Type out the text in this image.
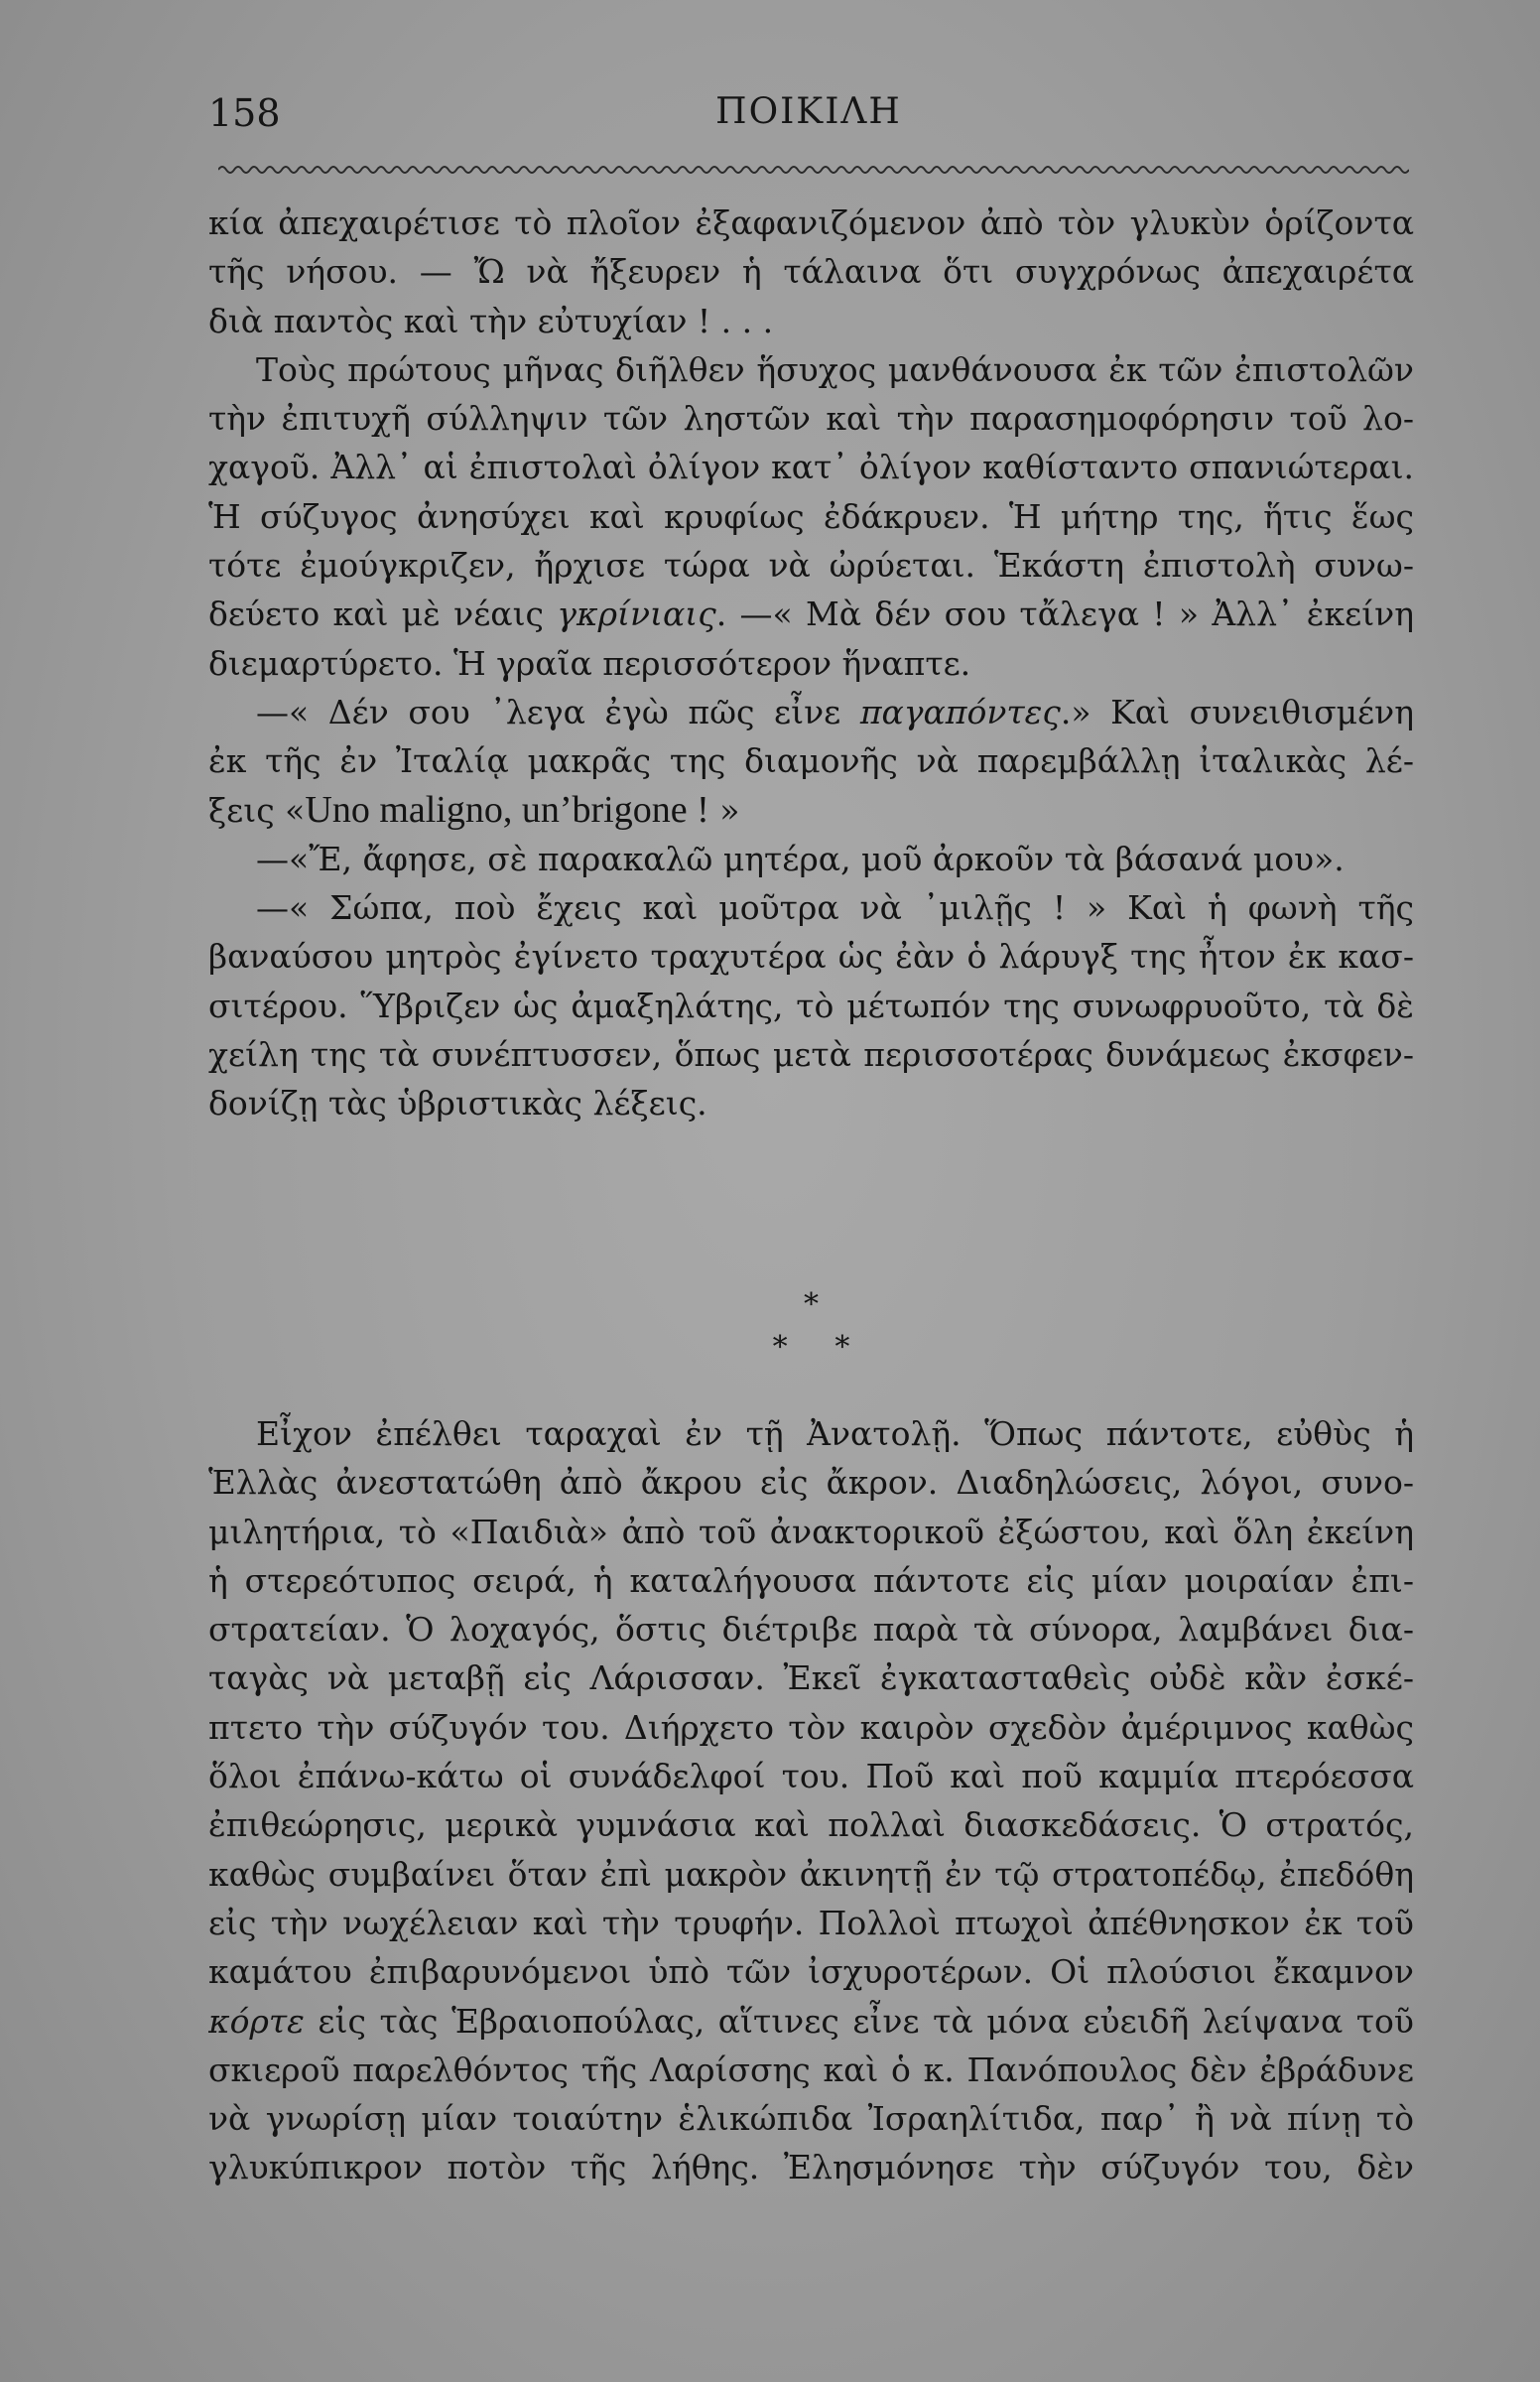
158	ΠΟΙΚΙΛΗ
κία ἀπεχαιρέτισε τὸ πλοῖον ἐξαφανιζόμενον ἀπὸ τὸν γλυκὺν ὁρίζοντα
τῆς νήσου. — Ὤ νὰ ἤξευρεν ἡ τάλαινα ὅτι συγχρόνως ἀπεχαιρέτα
διὰ παντὸς καὶ τὴν εὐτυχίαν ! . . .
Τοὺς πρώτους μῆνας διῆλθεν ἥσυχος μανθάνουσα ἐκ τῶν ἐπιστολῶν
τὴν ἐπιτυχῆ σύλληψιν τῶν ληστῶν καὶ τὴν παρασημοφόρησιν τοῦ λο-
χαγοῦ. Ἀλλ᾽ αἱ ἐπιστολαὶ ὀλίγον κατ᾽ ὀλίγον καθίσταντο σπανιώτεραι.
Ἡ σύζυγος ἀνησύχει καὶ κρυφίως ἐδάκρυεν. Ἡ μήτηρ της, ἥτις ἕως
τότε ἐμούγκριζεν, ἤρχισε τώρα νὰ ὠρύεται. Ἑκάστη ἐπιστολὴ συνω-
δεύετο καὶ μὲ νέαις γκρίνιαις. —« Μὰ δέν σου τἄλεγα ! » Ἀλλ᾽ ἐκείνη
διεμαρτύρετο. Ἡ γραῖα περισσότερον ἥναπτε.
—« Δέν σου ᾽λεγα ἐγὼ πῶς εἶνε παγαπόντες.» Καὶ συνειθισμένη
ἐκ τῆς ἐν Ἰταλίᾳ μακρᾶς της διαμονῆς νὰ παρεμβάλλῃ ἰταλικὰς λέ-
ξεις «Uno maligno, un’brigone ! »
—«Ἔ, ἄφησε, σὲ παρακαλῶ μητέρα, μοῦ ἀρκοῦν τὰ βάσανά μου».
—« Σώπα, ποὺ ἔχεις καὶ μοῦτρα νὰ ᾽μιλῇς ! » Καὶ ἡ φωνὴ τῆς
βαναύσου μητρὸς ἐγίνετο τραχυτέρα ὡς ἐὰν ὁ λάρυγξ της ἦτον ἐκ κασ-
σιτέρου. Ὕβριζεν ὡς ἀμαξηλάτης, τὸ μέτωπόν της συνωφρυοῦτο, τὰ δὲ
χείλη της τὰ συνέπτυσσεν, ὅπως μετὰ περισσοτέρας δυνάμεως ἐκσφεν-
δονίζῃ τὰς ὑβριστικὰς λέξεις.
*
*     *
Εἶχον ἐπέλθει ταραχαὶ ἐν τῇ Ἀνατολῇ. Ὅπως πάντοτε, εὐθὺς ἡ
Ἑλλὰς ἀνεστατώθη ἀπὸ ἄκρου εἰς ἄκρον. Διαδηλώσεις, λόγοι, συνο-
μιλητήρια, τὸ «Παιδιὰ» ἀπὸ τοῦ ἀνακτορικοῦ ἐξώστου, καὶ ὅλη ἐκείνη
ἡ στερεότυπος σειρά, ἡ καταλήγουσα πάντοτε εἰς μίαν μοιραίαν ἐπι-
στρατείαν. Ὁ λοχαγός, ὅστις διέτριβε παρὰ τὰ σύνορα, λαμβάνει δια-
ταγὰς νὰ μεταβῇ εἰς Λάρισσαν. Ἐκεῖ ἐγκατασταθεὶς οὐδὲ κἂν ἐσκέ-
πτετο τὴν σύζυγόν του. Διήρχετο τὸν καιρὸν σχεδὸν ἀμέριμνος καθὼς
ὅλοι ἐπάνω-κάτω οἱ συνάδελφοί του. Ποῦ καὶ ποῦ καμμία πτερόεσσα
ἐπιθεώρησις, μερικὰ γυμνάσια καὶ πολλαὶ διασκεδάσεις. Ὁ στρατός,
καθὼς συμβαίνει ὅταν ἐπὶ μακρὸν ἀκινητῇ ἐν τῷ στρατοπέδῳ, ἐπεδόθη
εἰς τὴν νωχέλειαν καὶ τὴν τρυφήν. Πολλοὶ πτωχοὶ ἀπέθνησκον ἐκ τοῦ
καμάτου ἐπιβαρυνόμενοι ὑπὸ τῶν ἰσχυροτέρων. Οἱ πλούσιοι ἔκαμνον
κόρτε εἰς τὰς Ἑβραιοπούλας, αἵτινες εἶνε τὰ μόνα εὐειδῆ λείψανα τοῦ
σκιεροῦ παρελθόντος τῆς Λαρίσσης καὶ ὁ κ. Πανόπουλος δὲν ἐβράδυνε
νὰ γνωρίσῃ μίαν τοιαύτην ἑλικώπιδα Ἰσραηλίτιδα, παρ᾽ ἢ νὰ πίνῃ τὸ
γλυκύπικρον ποτὸν τῆς λήθης. Ἐλησμόνησε τὴν σύζυγόν του, δὲν
